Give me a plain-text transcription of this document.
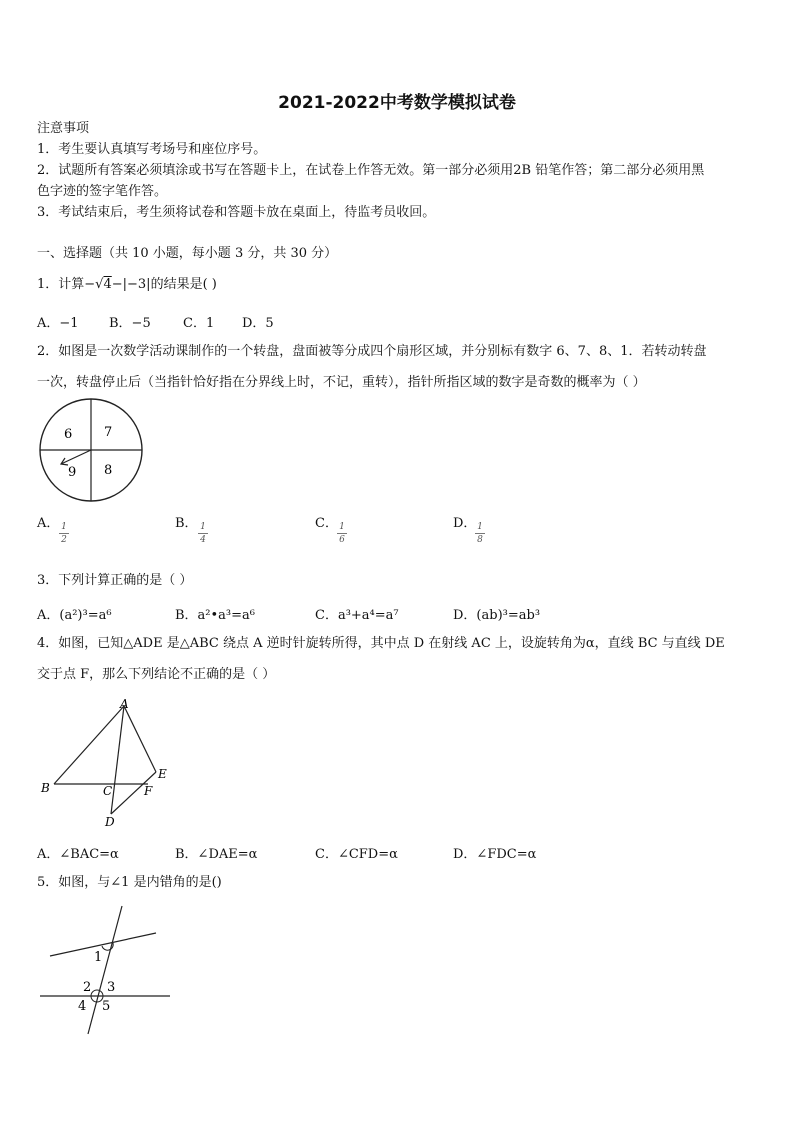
2021-2022中考数学模拟试卷
注意事项
1．考生要认真填写考场号和座位序号。
2．试题所有答案必须填涂或书写在答题卡上，在试卷上作答无效。第一部分必须用2B 铅笔作答；第二部分必须用黑
色字迹的签字笔作答。
3．考试结束后，考生须将试卷和答题卡放在桌面上，待监考员收回。
一、选择题（共 10 小题，每小题 3 分，共 30 分）
1．计算−√4−|−3|的结果是( )
A．−1 B．−5 C．1 D．5
2．如图是一次数学活动课制作的一个转盘，盘面被等分成四个扇形区域，并分别标有数字 6、7、8、1．若转动转盘
一次，转盘停止后（当指针恰好指在分界线上时，不记，重转），指针所指区域的数字是奇数的概率为（ ）
6 7
9 8
A． 1
2
B． 1
4
C． 1
6
D． 1
8
3．下列计算正确的是（ ）
A．(a²)³=a⁶	B．a²•a³=a⁶	C．a³+a⁴=a⁷	D．(ab)³=ab³
4．如图，已知△ADE 是△ABC 绕点 A 逆时针旋转所得，其中点 D 在射线 AC 上，设旋转角为α，直线 BC 与直线 DE
交于点 F，那么下列结论不正确的是（ ）
A
B	C	F
E
D
A．∠BAC=α	B．∠DAE=α	C．∠CFD=α	D．∠FDC=α
5．如图，与∠1 是内错角的是()
1
2 3
4 5
